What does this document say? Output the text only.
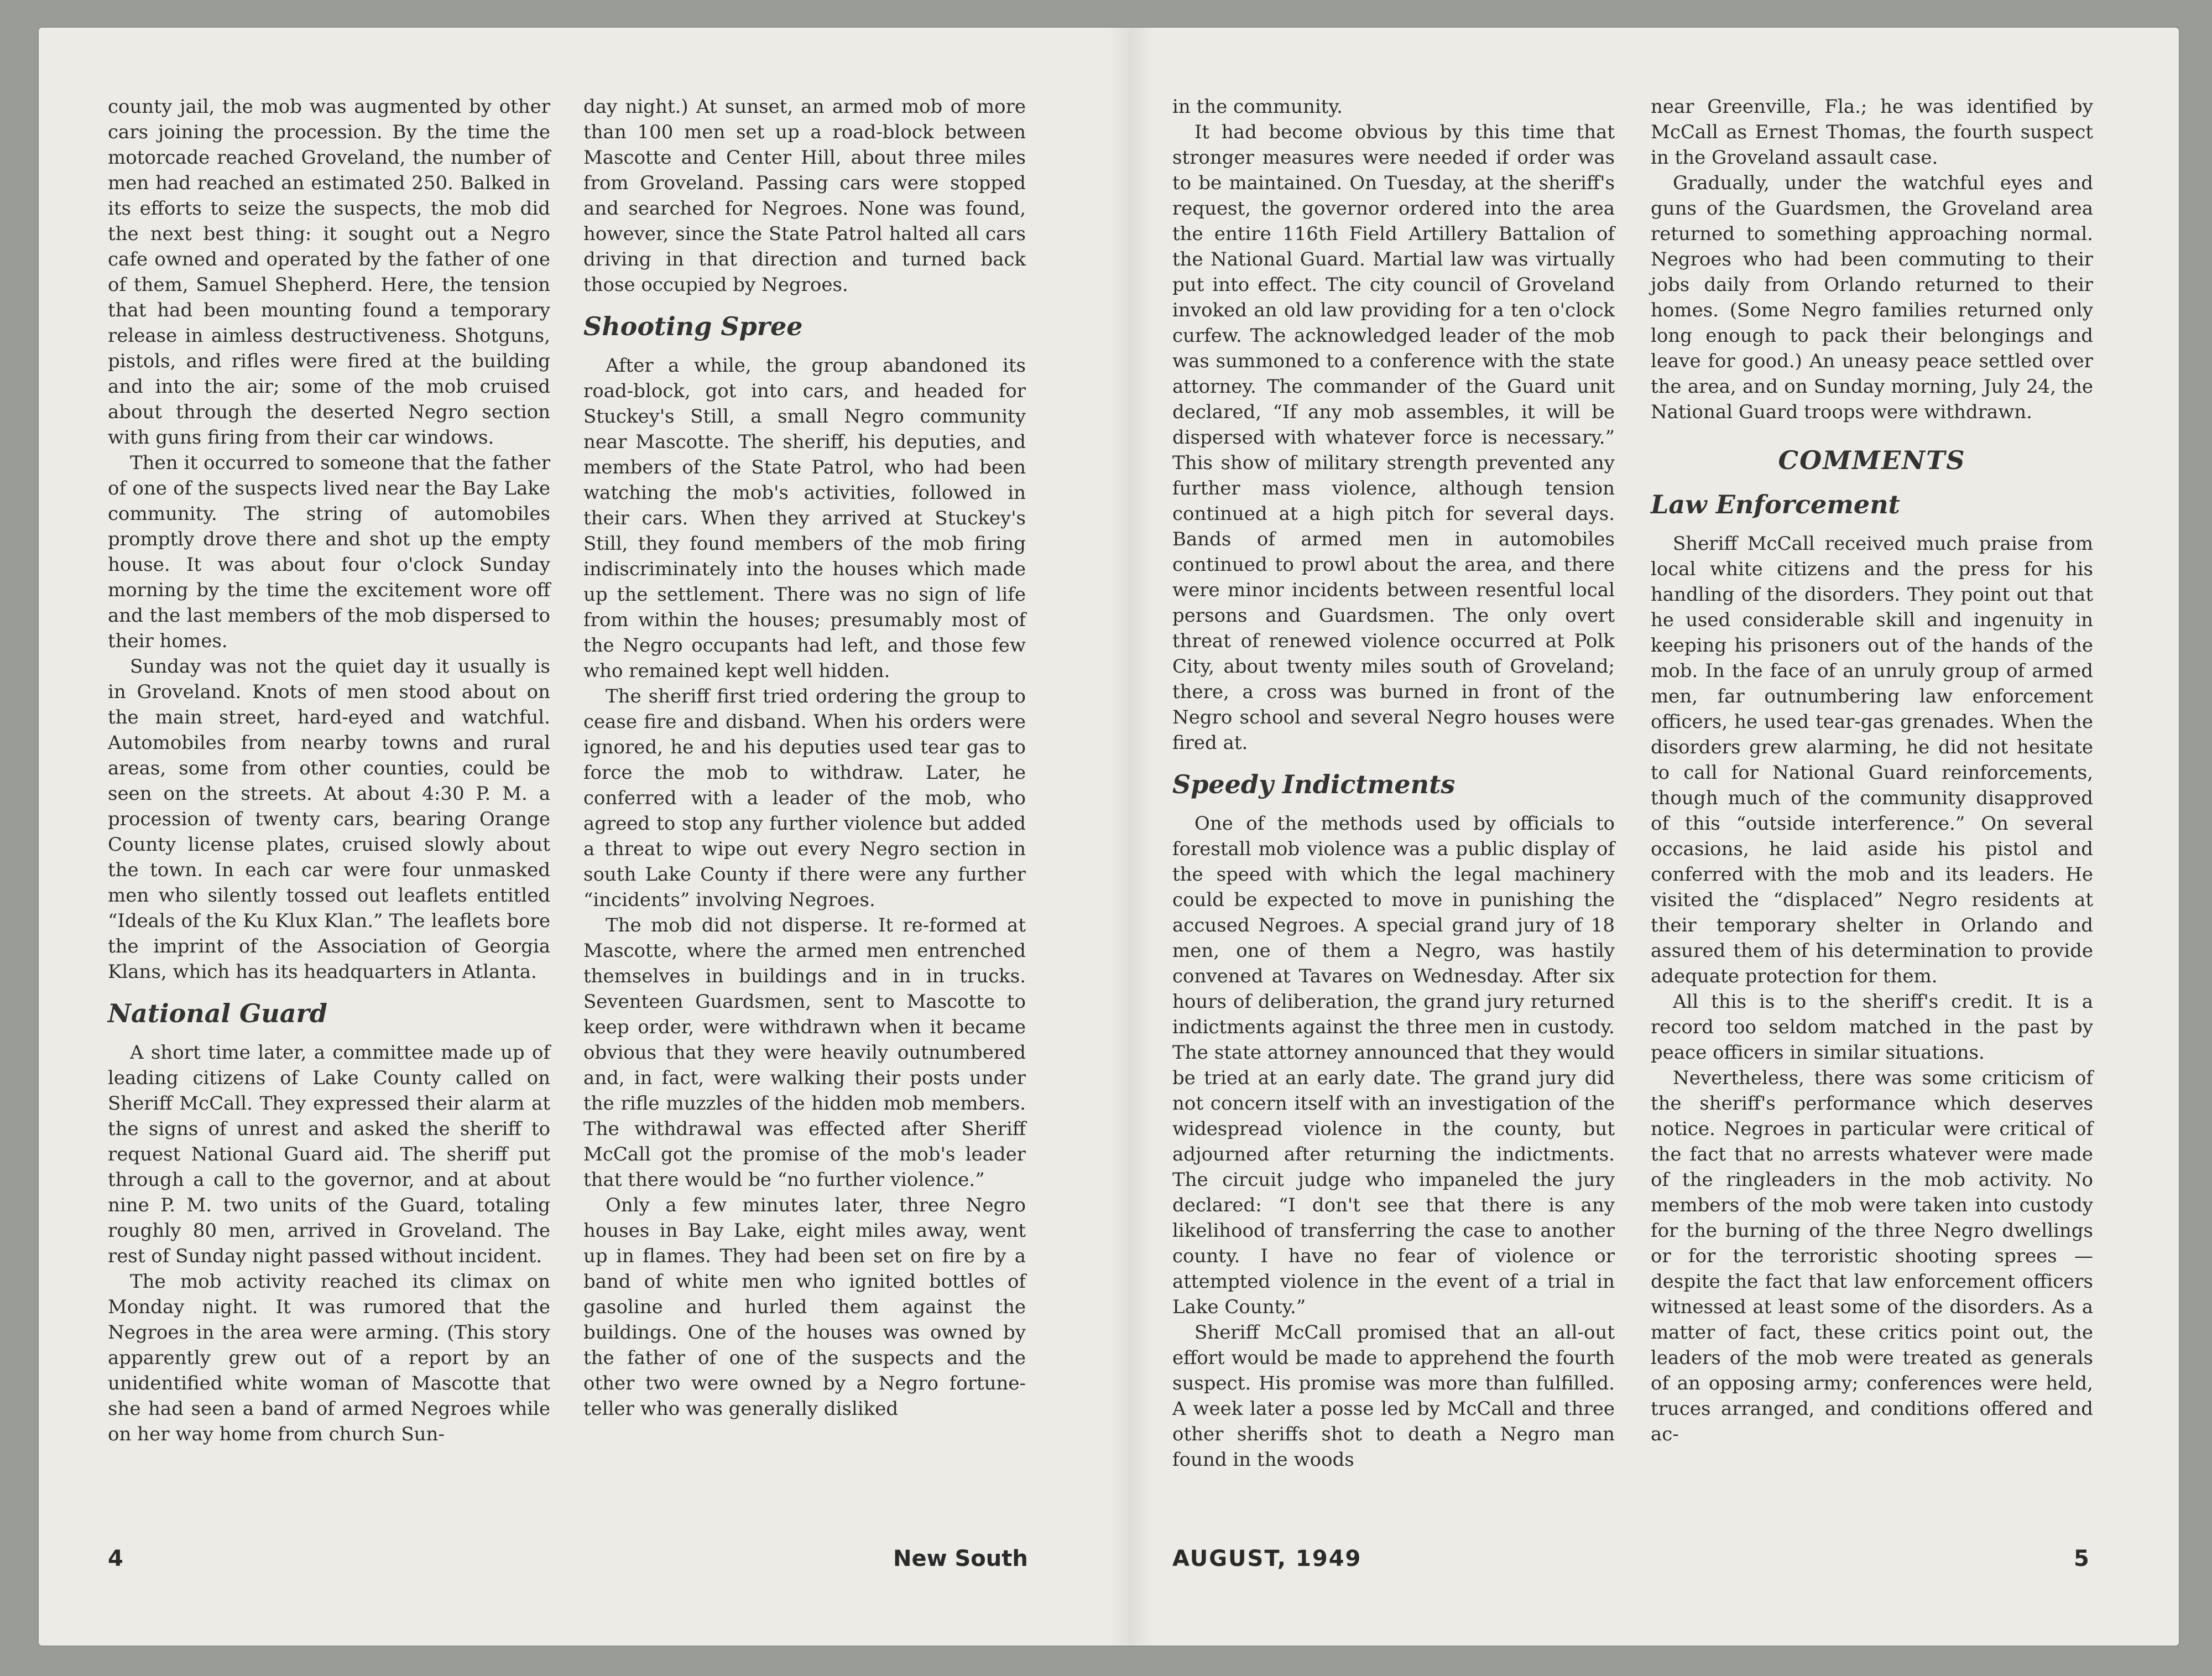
county jail, the mob was augmented by other cars joining the procession. By the time the motorcade reached Groveland, the number of men had reached an estimated 250. Balked in its efforts to seize the suspects, the mob did the next best thing: it sought out a Negro cafe owned and operated by the father of one of them, Samuel Shepherd. Here, the tension that had been mounting found a temporary release in aimless destructiveness. Shotguns, pistols, and rifles were fired at the building and into the air; some of the mob cruised about through the deserted Negro section with guns firing from their car windows.

Then it occurred to someone that the father of one of the suspects lived near the Bay Lake community. The string of automobiles promptly drove there and shot up the empty house. It was about four o'clock Sunday morning by the time the excitement wore off and the last members of the mob dispersed to their homes.

Sunday was not the quiet day it usually is in Groveland. Knots of men stood about on the main street, hard-eyed and watchful. Automobiles from nearby towns and rural areas, some from other counties, could be seen on the streets. At about 4:30 P. M. a procession of twenty cars, bearing Orange County license plates, cruised slowly about the town. In each car were four unmasked men who silently tossed out leaflets entitled “Ideals of the Ku Klux Klan.” The leaflets bore the imprint of the Association of Georgia Klans, which has its headquarters in Atlanta.

National Guard

A short time later, a committee made up of leading citizens of Lake County called on Sheriff McCall. They expressed their alarm at the signs of unrest and asked the sheriff to request National Guard aid. The sheriff put through a call to the governor, and at about nine P. M. two units of the Guard, totaling roughly 80 men, arrived in Groveland. The rest of Sunday night passed without incident.

The mob activity reached its climax on Monday night. It was rumored that the Negroes in the area were arming. (This story apparently grew out of a report by an unidentified white woman of Mascotte that she had seen a band of armed Negroes while on her way home from church Sun-

day night.) At sunset, an armed mob of more than 100 men set up a road-block between Mascotte and Center Hill, about three miles from Groveland. Passing cars were stopped and searched for Negroes. None was found, however, since the State Patrol halted all cars driving in that direction and turned back those occupied by Negroes.

Shooting Spree

After a while, the group abandoned its road-block, got into cars, and headed for Stuckey's Still, a small Negro community near Mascotte. The sheriff, his deputies, and members of the State Patrol, who had been watching the mob's activities, followed in their cars. When they arrived at Stuckey's Still, they found members of the mob firing indiscriminately into the houses which made up the settlement. There was no sign of life from within the houses; presumably most of the Negro occupants had left, and those few who remained kept well hidden.

The sheriff first tried ordering the group to cease fire and disband. When his orders were ignored, he and his deputies used tear gas to force the mob to withdraw. Later, he conferred with a leader of the mob, who agreed to stop any further violence but added a threat to wipe out every Negro section in south Lake County if there were any further “incidents” involving Negroes.

The mob did not disperse. It re-formed at Mascotte, where the armed men entrenched themselves in buildings and in in trucks. Seventeen Guardsmen, sent to Mascotte to keep order, were withdrawn when it became obvious that they were heavily outnumbered and, in fact, were walking their posts under the rifle muzzles of the hidden mob members. The withdrawal was effected after Sheriff McCall got the promise of the mob's leader that there would be “no further violence.”

Only a few minutes later, three Negro houses in Bay Lake, eight miles away, went up in flames. They had been set on fire by a band of white men who ignited bottles of gasoline and hurled them against the buildings. One of the houses was owned by the father of one of the suspects and the other two were owned by a Negro fortune-teller who was generally disliked

in the community.

It had become obvious by this time that stronger measures were needed if order was to be maintained. On Tuesday, at the sheriff's request, the governor ordered into the area the entire 116th Field Artillery Battalion of the National Guard. Martial law was virtually put into effect. The city council of Groveland invoked an old law providing for a ten o'clock curfew. The acknowledged leader of the mob was summoned to a conference with the state attorney. The commander of the Guard unit declared, “If any mob assembles, it will be dispersed with whatever force is necessary.” This show of military strength prevented any further mass violence, although tension continued at a high pitch for several days. Bands of armed men in automobiles continued to prowl about the area, and there were minor incidents between resentful local persons and Guardsmen. The only overt threat of renewed violence occurred at Polk City, about twenty miles south of Groveland; there, a cross was burned in front of the Negro school and several Negro houses were fired at.

Speedy Indictments

One of the methods used by officials to forestall mob violence was a public display of the speed with which the legal machinery could be expected to move in punishing the accused Negroes. A special grand jury of 18 men, one of them a Negro, was hastily convened at Tavares on Wednesday. After six hours of deliberation, the grand jury returned indictments against the three men in custody. The state attorney announced that they would be tried at an early date. The grand jury did not concern itself with an investigation of the widespread violence in the county, but adjourned after returning the indictments. The circuit judge who impaneled the jury declared: “I don't see that there is any likelihood of transferring the case to another county. I have no fear of violence or attempted violence in the event of a trial in Lake County.”

Sheriff McCall promised that an all-out effort would be made to apprehend the fourth suspect. His promise was more than fulfilled. A week later a posse led by McCall and three other sheriffs shot to death a Negro man found in the woods

near Greenville, Fla.; he was identified by McCall as Ernest Thomas, the fourth suspect in the Groveland assault case.

Gradually, under the watchful eyes and guns of the Guardsmen, the Groveland area returned to something approaching normal. Negroes who had been commuting to their jobs daily from Orlando returned to their homes. (Some Negro families returned only long enough to pack their belongings and leave for good.) An uneasy peace settled over the area, and on Sunday morning, July 24, the National Guard troops were withdrawn.

COMMENTS
Law Enforcement

Sheriff McCall received much praise from local white citizens and the press for his handling of the disorders. They point out that he used considerable skill and ingenuity in keeping his prisoners out of the hands of the mob. In the face of an unruly group of armed men, far outnumbering law enforcement officers, he used tear-gas grenades. When the disorders grew alarming, he did not hesitate to call for National Guard reinforcements, though much of the community disapproved of this “outside interference.” On several occasions, he laid aside his pistol and conferred with the mob and its leaders. He visited the “displaced” Negro residents at their temporary shelter in Orlando and assured them of his determination to provide adequate protection for them.

All this is to the sheriff's credit. It is a record too seldom matched in the past by peace officers in similar situations.

Nevertheless, there was some criticism of the sheriff's performance which deserves notice. Negroes in particular were critical of the fact that no arrests whatever were made of the ringleaders in the mob activity. No members of the mob were taken into custody for the burning of the three Negro dwellings or for the terroristic shooting sprees — despite the fact that law enforcement officers witnessed at least some of the disorders. As a matter of fact, these critics point out, the leaders of the mob were treated as generals of an opposing army; conferences were held, truces arranged, and conditions offered and ac-

4	New South	AUGUST, 1949	5
